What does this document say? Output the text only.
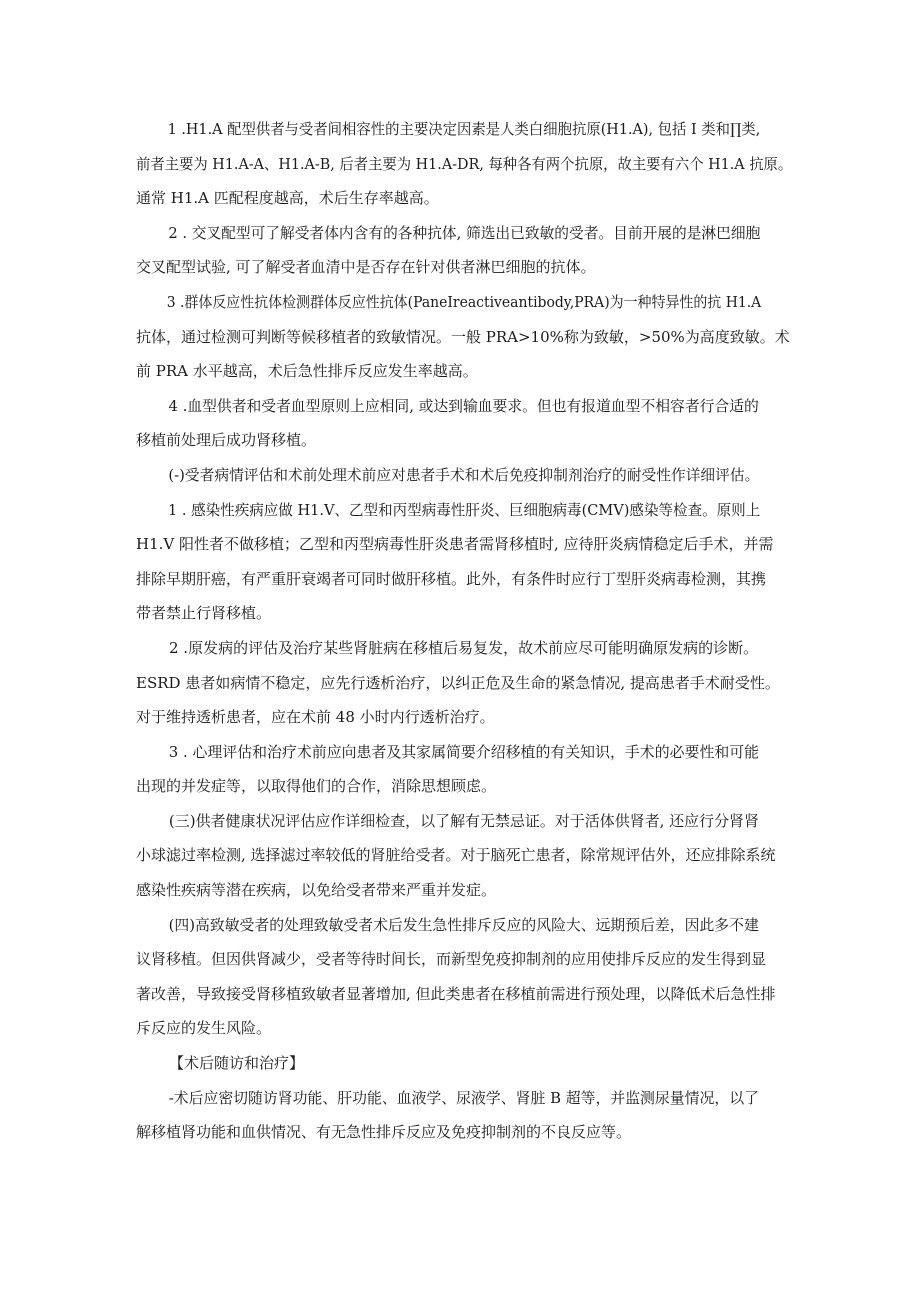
1 .H1.A 配型供者与受者间相容性的主要决定因素是人类白细胞抗原(H1.A), 包括 I 类和∏类,
前者主要为 H1.A-A、H1.A-B, 后者主要为 H1.A-DR, 每种各有两个抗原，故主要有六个 H1.A 抗原。
通常 H1.A 匹配程度越高，术后生存率越高。
2 . 交叉配型可了解受者体内含有的各种抗体, 筛选出已致敏的受者。目前开展的是淋巴细胞
交叉配型试验, 可了解受者血清中是否存在针对供者淋巴细胞的抗体。
3 .群体反应性抗体检测群体反应性抗体(PaneIreactiveantibody,PRA)为一种特异性的抗 H1.A
抗体，通过检测可判断等候移植者的致敏情况。一般 PRA>10%称为致敏，>50%为高度致敏。术
前 PRA 水平越高，术后急性排斥反应发生率越高。
4 .血型供者和受者血型原则上应相同, 或达到输血要求。但也有报道血型不相容者行合适的
移植前处理后成功肾移植。
(-)受者病情评估和术前处理术前应对患者手术和术后免疫抑制剂治疗的耐受性作详细评估。
1 . 感染性疾病应做 H1.V、乙型和丙型病毒性肝炎、巨细胞病毒(CMV)感染等检查。原则上
H1.V 阳性者不做移植；乙型和丙型病毒性肝炎患者需肾移植时, 应待肝炎病情稳定后手术，并需
排除早期肝癌，有严重肝衰竭者可同时做肝移植。此外，有条件时应行丁型肝炎病毒检测，其携
带者禁止行肾移植。
2 .原发病的评估及治疗某些肾脏病在移植后易复发，故术前应尽可能明确原发病的诊断。
ESRD 患者如病情不稳定，应先行透析治疗，以纠正危及生命的紧急情况, 提高患者手术耐受性。
对于维持透析患者，应在术前 48 小时内行透析治疗。
3 . 心理评估和治疗术前应向患者及其家属简要介绍移植的有关知识，手术的必要性和可能
出现的并发症等，以取得他们的合作，消除思想顾虑。
(三)供者健康状况评估应作详细检查，以了解有无禁忌证。对于活体供肾者, 还应行分肾肾
小球滤过率检测, 选择滤过率较低的肾脏给受者。对于脑死亡患者，除常规评估外，还应排除系统
感染性疾病等潜在疾病，以免给受者带来严重并发症。
(四)高致敏受者的处理致敏受者术后发生急性排斥反应的风险大、远期预后差，因此多不建
议肾移植。但因供肾减少，受者等待时间长，而新型免疫抑制剂的应用使排斥反应的发生得到显
著改善，导致接受肾移植致敏者显著增加, 但此类患者在移植前需进行预处理，以降低术后急性排
斥反应的发生风险。
【术后随访和治疗】
-术后应密切随访肾功能、肝功能、血液学、尿液学、肾脏 B 超等，并监测尿量情况，以了
解移植肾功能和血供情况、有无急性排斥反应及免疫抑制剂的不良反应等。
